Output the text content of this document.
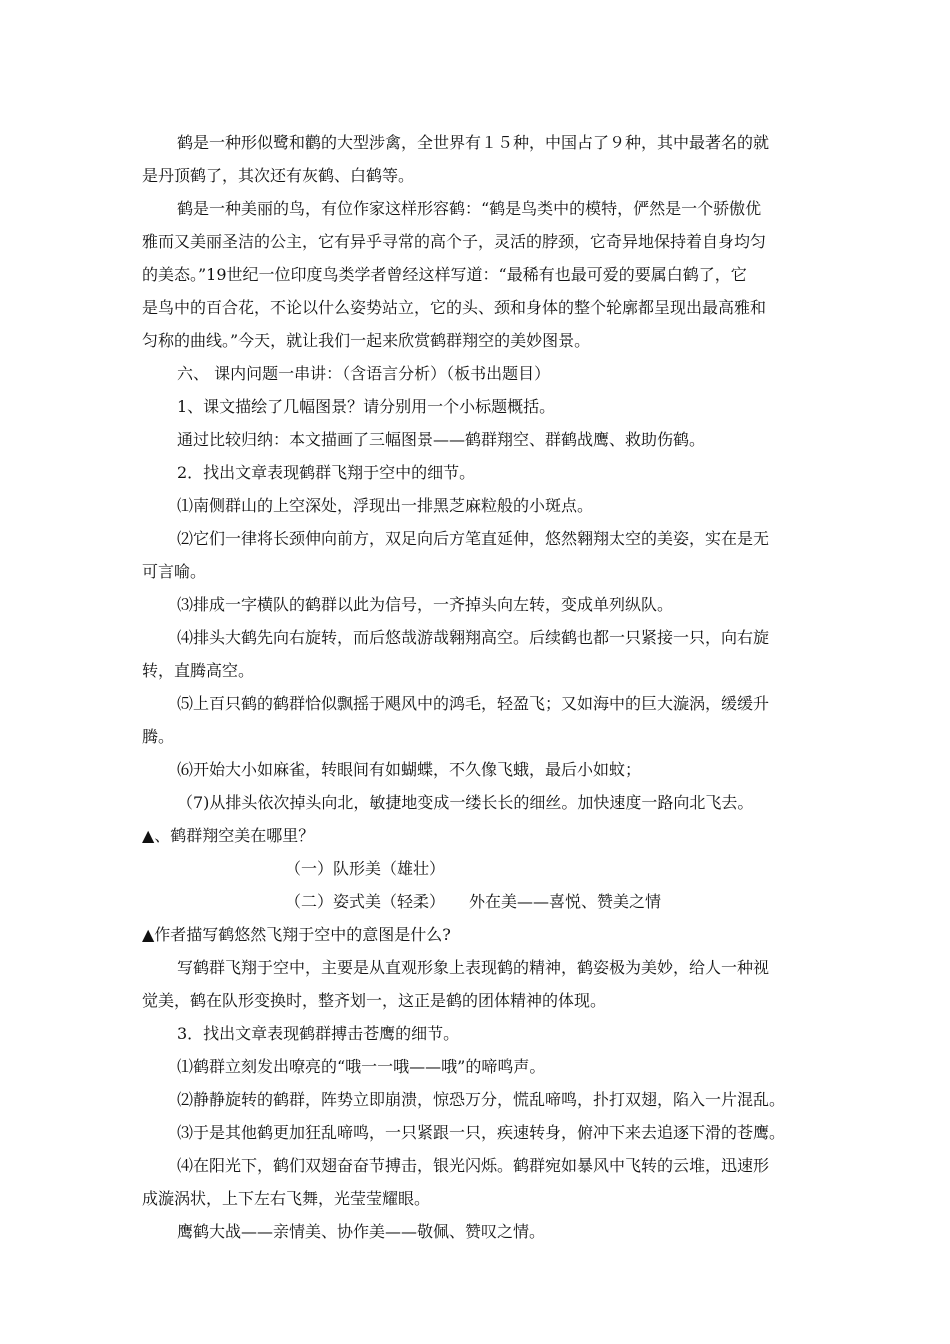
鹤是一种形似鹭和鹳的大型涉禽，全世界有１５种，中国占了９种，其中最著名的就
是丹顶鹤了，其次还有灰鹤、白鹤等。
鹤是一种美丽的鸟，有位作家这样形容鹤：“鹤是鸟类中的模特，俨然是一个骄傲优
雅而又美丽圣洁的公主，它有异乎寻常的高个子，灵活的脖颈，它奇异地保持着自身均匀
的美态。”19世纪一位印度鸟类学者曾经这样写道：“最稀有也最可爱的要属白鹤了，它
是鸟中的百合花，不论以什么姿势站立，它的头、颈和身体的整个轮廓都呈现出最高雅和
匀称的曲线。”今天，就让我们一起来欣赏鹤群翔空的美妙图景。
六、 课内问题一串讲：（含语言分析）（板书出题目）
1、课文描绘了几幅图景？请分别用一个小标题概括。
通过比较归纳：本文描画了三幅图景——鹤群翔空、群鹤战鹰、救助伤鹤。
2．找出文章表现鹤群飞翔于空中的细节。
⑴南侧群山的上空深处，浮现出一排黑芝麻粒般的小斑点。
⑵它们一律将长颈伸向前方，双足向后方笔直延伸，悠然翱翔太空的美姿，实在是无
可言喻。
⑶排成一字横队的鹤群以此为信号，一齐掉头向左转，变成单列纵队。
⑷排头大鹤先向右旋转，而后悠哉游哉翱翔高空。后续鹤也都一只紧接一只，向右旋
转，直腾高空。
⑸上百只鹤的鹤群恰似飘摇于飓风中的鸿毛，轻盈飞；又如海中的巨大漩涡，缓缓升
腾。
⑹开始大小如麻雀，转眼间有如蝴蝶，不久像飞蛾，最后小如蚊；
（7)从排头依次掉头向北，敏捷地变成一缕长长的细丝。加快速度一路向北飞去。
▲、鹤群翔空美在哪里？
（一）队形美（雄壮）
（二）姿式美（轻柔）　　外在美——喜悦、赞美之情
▲作者描写鹤悠然飞翔于空中的意图是什么?
写鹤群飞翔于空中，主要是从直观形象上表现鹤的精神，鹤姿极为美妙，给人一种视
觉美，鹤在队形变换时，整齐划一，这正是鹤的团体精神的体现。
3．找出文章表现鹤群搏击苍鹰的细节。
⑴鹤群立刻发出嘹亮的“哦一一哦——哦”的啼鸣声。
⑵静静旋转的鹤群，阵势立即崩溃，惊恐万分，慌乱啼鸣，扑打双翅，陷入一片混乱。
⑶于是其他鹤更加狂乱啼鸣，一只紧跟一只，疾速转身，俯冲下来去追逐下滑的苍鹰。
⑷在阳光下，鹤们双翅奋奋节搏击，银光闪烁。鹤群宛如暴风中飞转的云堆，迅速形
成漩涡状，上下左右飞舞，光莹莹耀眼。
鹰鹤大战——亲情美、协作美——敬佩、赞叹之情。
